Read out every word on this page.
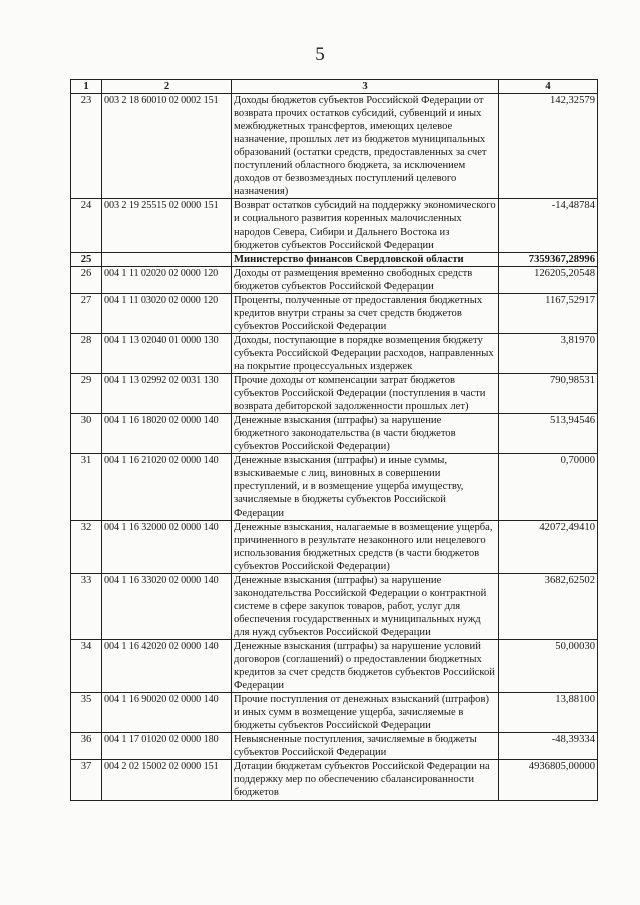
5
1	2	3	4
23	003 2 18 60010 02 0002 151	Доходы бюджетов субъектов Российской Федерации от возврата прочих остатков субсидий, субвенций и иных межбюджетных трансфертов, имеющих целевое назначение, прошлых лет из бюджетов муниципальных образований (остатки средств, предоставленных за счет поступлений областного бюджета, за исключением доходов от безвозмездных поступлений целевого назначения)	142,32579
24	003 2 19 25515 02 0000 151	Возврат остатков субсидий на поддержку экономического и социального развития коренных малочисленных народов Севера, Сибири и Дальнего Востока из бюджетов субъектов Российской Федерации	-14,48784
25		Министерство финансов Свердловской области	7359367,28996
26	004 1 11 02020 02 0000 120	Доходы от размещения временно свободных средств бюджетов субъектов Российской Федерации	126205,20548
27	004 1 11 03020 02 0000 120	Проценты, полученные от предоставления бюджетных кредитов внутри страны за счет средств бюджетов субъектов Российской Федерации	1167,52917
28	004 1 13 02040 01 0000 130	Доходы, поступающие в порядке возмещения бюджету субъекта Российской Федерации расходов, направленных на покрытие процессуальных издержек	3,81970
29	004 1 13 02992 02 0031 130	Прочие доходы от компенсации затрат бюджетов субъектов Российской Федерации (поступления в части возврата дебиторской задолженности прошлых лет)	790,98531
30	004 1 16 18020 02 0000 140	Денежные взыскания (штрафы) за нарушение бюджетного законодательства (в части бюджетов субъектов Российской Федерации)	513,94546
31	004 1 16 21020 02 0000 140	Денежные взыскания (штрафы) и иные суммы, взыскиваемые с лиц, виновных в совершении преступлений, и в возмещение ущерба имуществу, зачисляемые в бюджеты субъектов Российской Федерации	0,70000
32	004 1 16 32000 02 0000 140	Денежные взыскания, налагаемые в возмещение ущерба, причиненного в результате незаконного или нецелевого использования бюджетных средств (в части бюджетов субъектов Российской Федерации)	42072,49410
33	004 1 16 33020 02 0000 140	Денежные взыскания (штрафы) за нарушение законодательства Российской Федерации о контрактной системе в сфере закупок товаров, работ, услуг для обеспечения государственных и муниципальных нужд для нужд субъектов Российской Федерации	3682,62502
34	004 1 16 42020 02 0000 140	Денежные взыскания (штрафы) за нарушение условий договоров (соглашений) о предоставлении бюджетных кредитов за счет средств бюджетов субъектов Российской Федерации	50,00030
35	004 1 16 90020 02 0000 140	Прочие поступления от денежных взысканий (штрафов) и иных сумм в возмещение ущерба, зачисляемые в бюджеты субъектов Российской Федерации	13,88100
36	004 1 17 01020 02 0000 180	Невыясненные поступления, зачисляемые в бюджеты субъектов Российской Федерации	-48,39334
37	004 2 02 15002 02 0000 151	Дотации бюджетам субъектов Российской Федерации на поддержку мер по обеспечению сбалансированности бюджетов	4936805,00000
